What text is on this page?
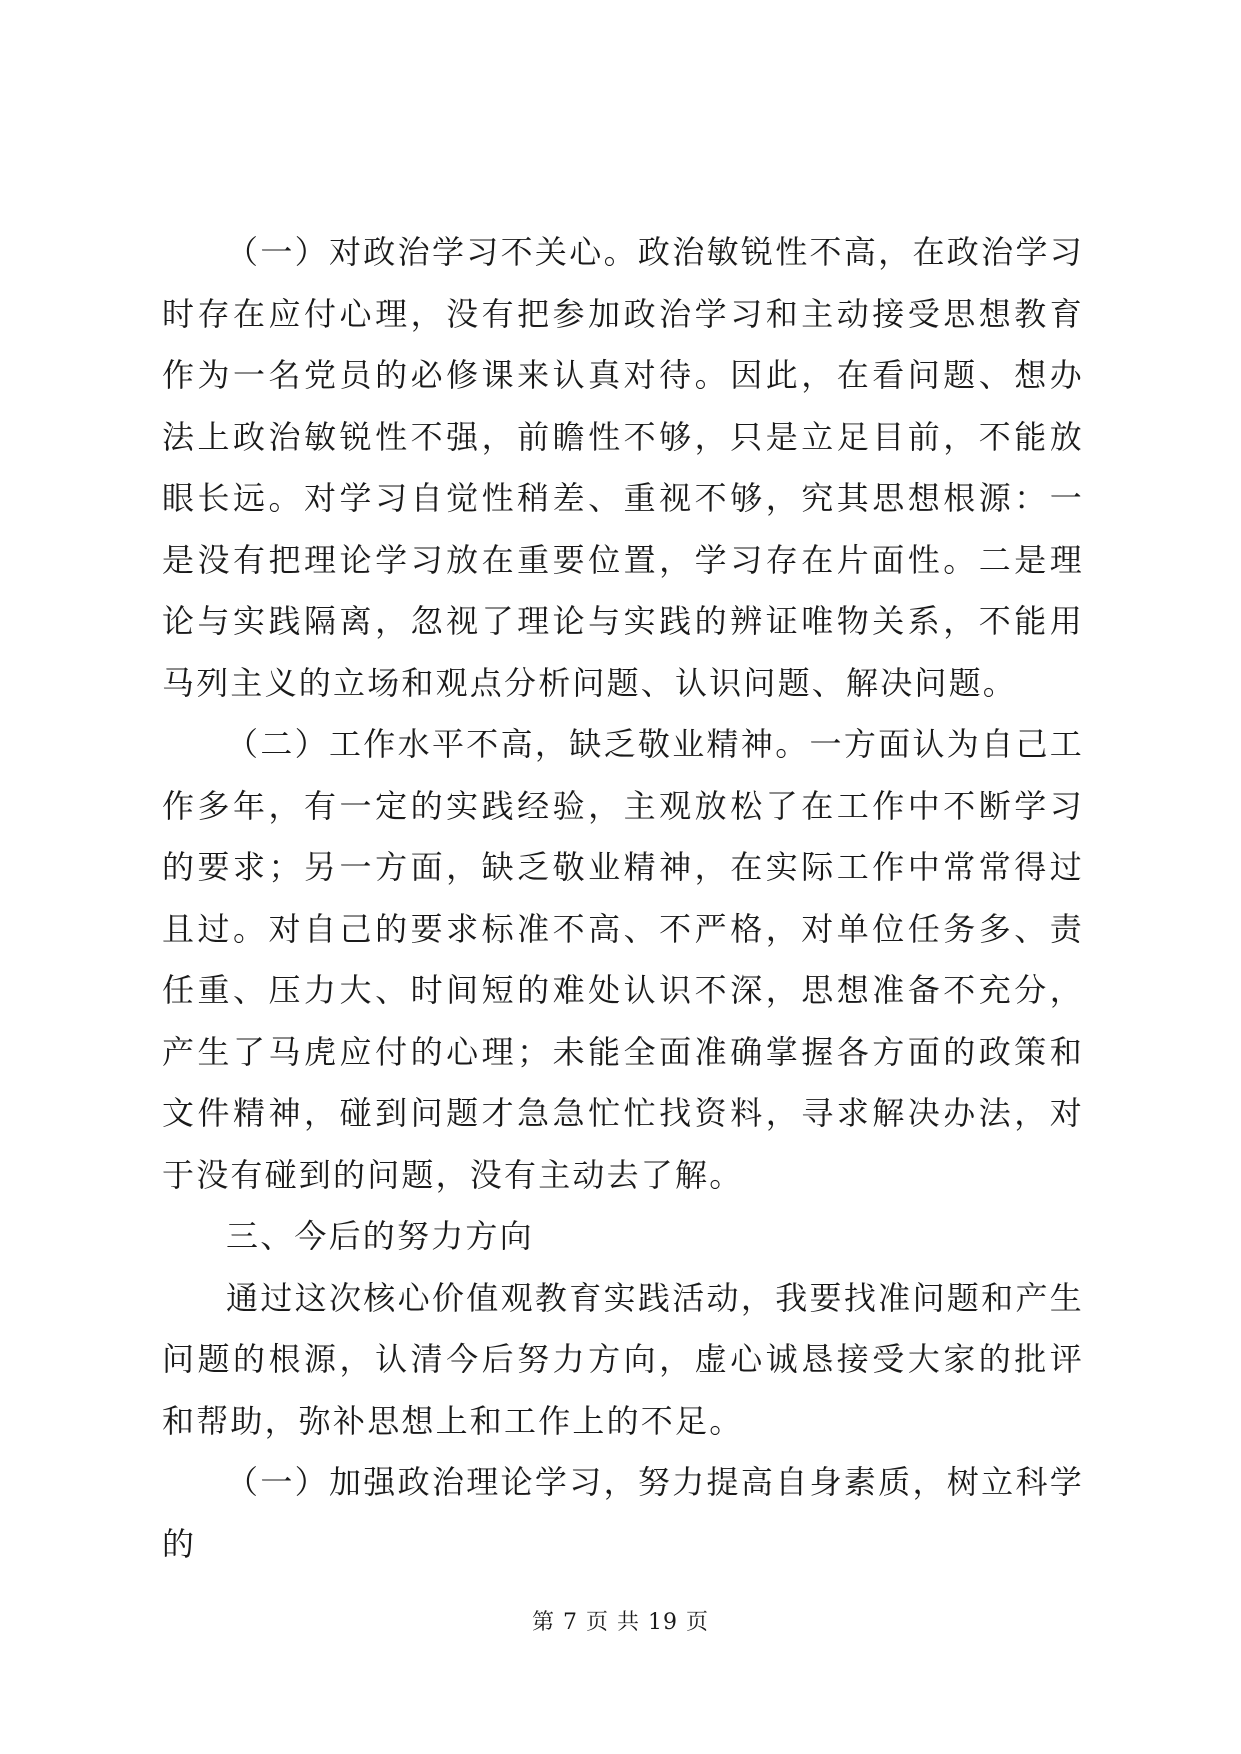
（一）对政治学习不关心。政治敏锐性不高，在政治学习时存在应付心理，没有把参加政治学习和主动接受思想教育作为一名党员的必修课来认真对待。因此，在看问题、想办法上政治敏锐性不强，前瞻性不够，只是立足目前，不能放眼长远。对学习自觉性稍差、重视不够，究其思想根源：一是没有把理论学习放在重要位置，学习存在片面性。二是理论与实践隔离，忽视了理论与实践的辨证唯物关系，不能用马列主义的立场和观点分析问题、认识问题、解决问题。

（二）工作水平不高，缺乏敬业精神。一方面认为自己工作多年，有一定的实践经验，主观放松了在工作中不断学习的要求；另一方面，缺乏敬业精神，在实际工作中常常得过且过。对自己的要求标准不高、不严格，对单位任务多、责任重、压力大、时间短的难处认识不深，思想准备不充分，产生了马虎应付的心理；未能全面准确掌握各方面的政策和文件精神，碰到问题才急急忙忙找资料，寻求解决办法，对于没有碰到的问题，没有主动去了解。

三、今后的努力方向

通过这次核心价值观教育实践活动，我要找准问题和产生问题的根源，认清今后努力方向，虚心诚恳接受大家的批评和帮助，弥补思想上和工作上的不足。

（一）加强政治理论学习，努力提高自身素质，树立科学的

第 7 页 共 19 页
